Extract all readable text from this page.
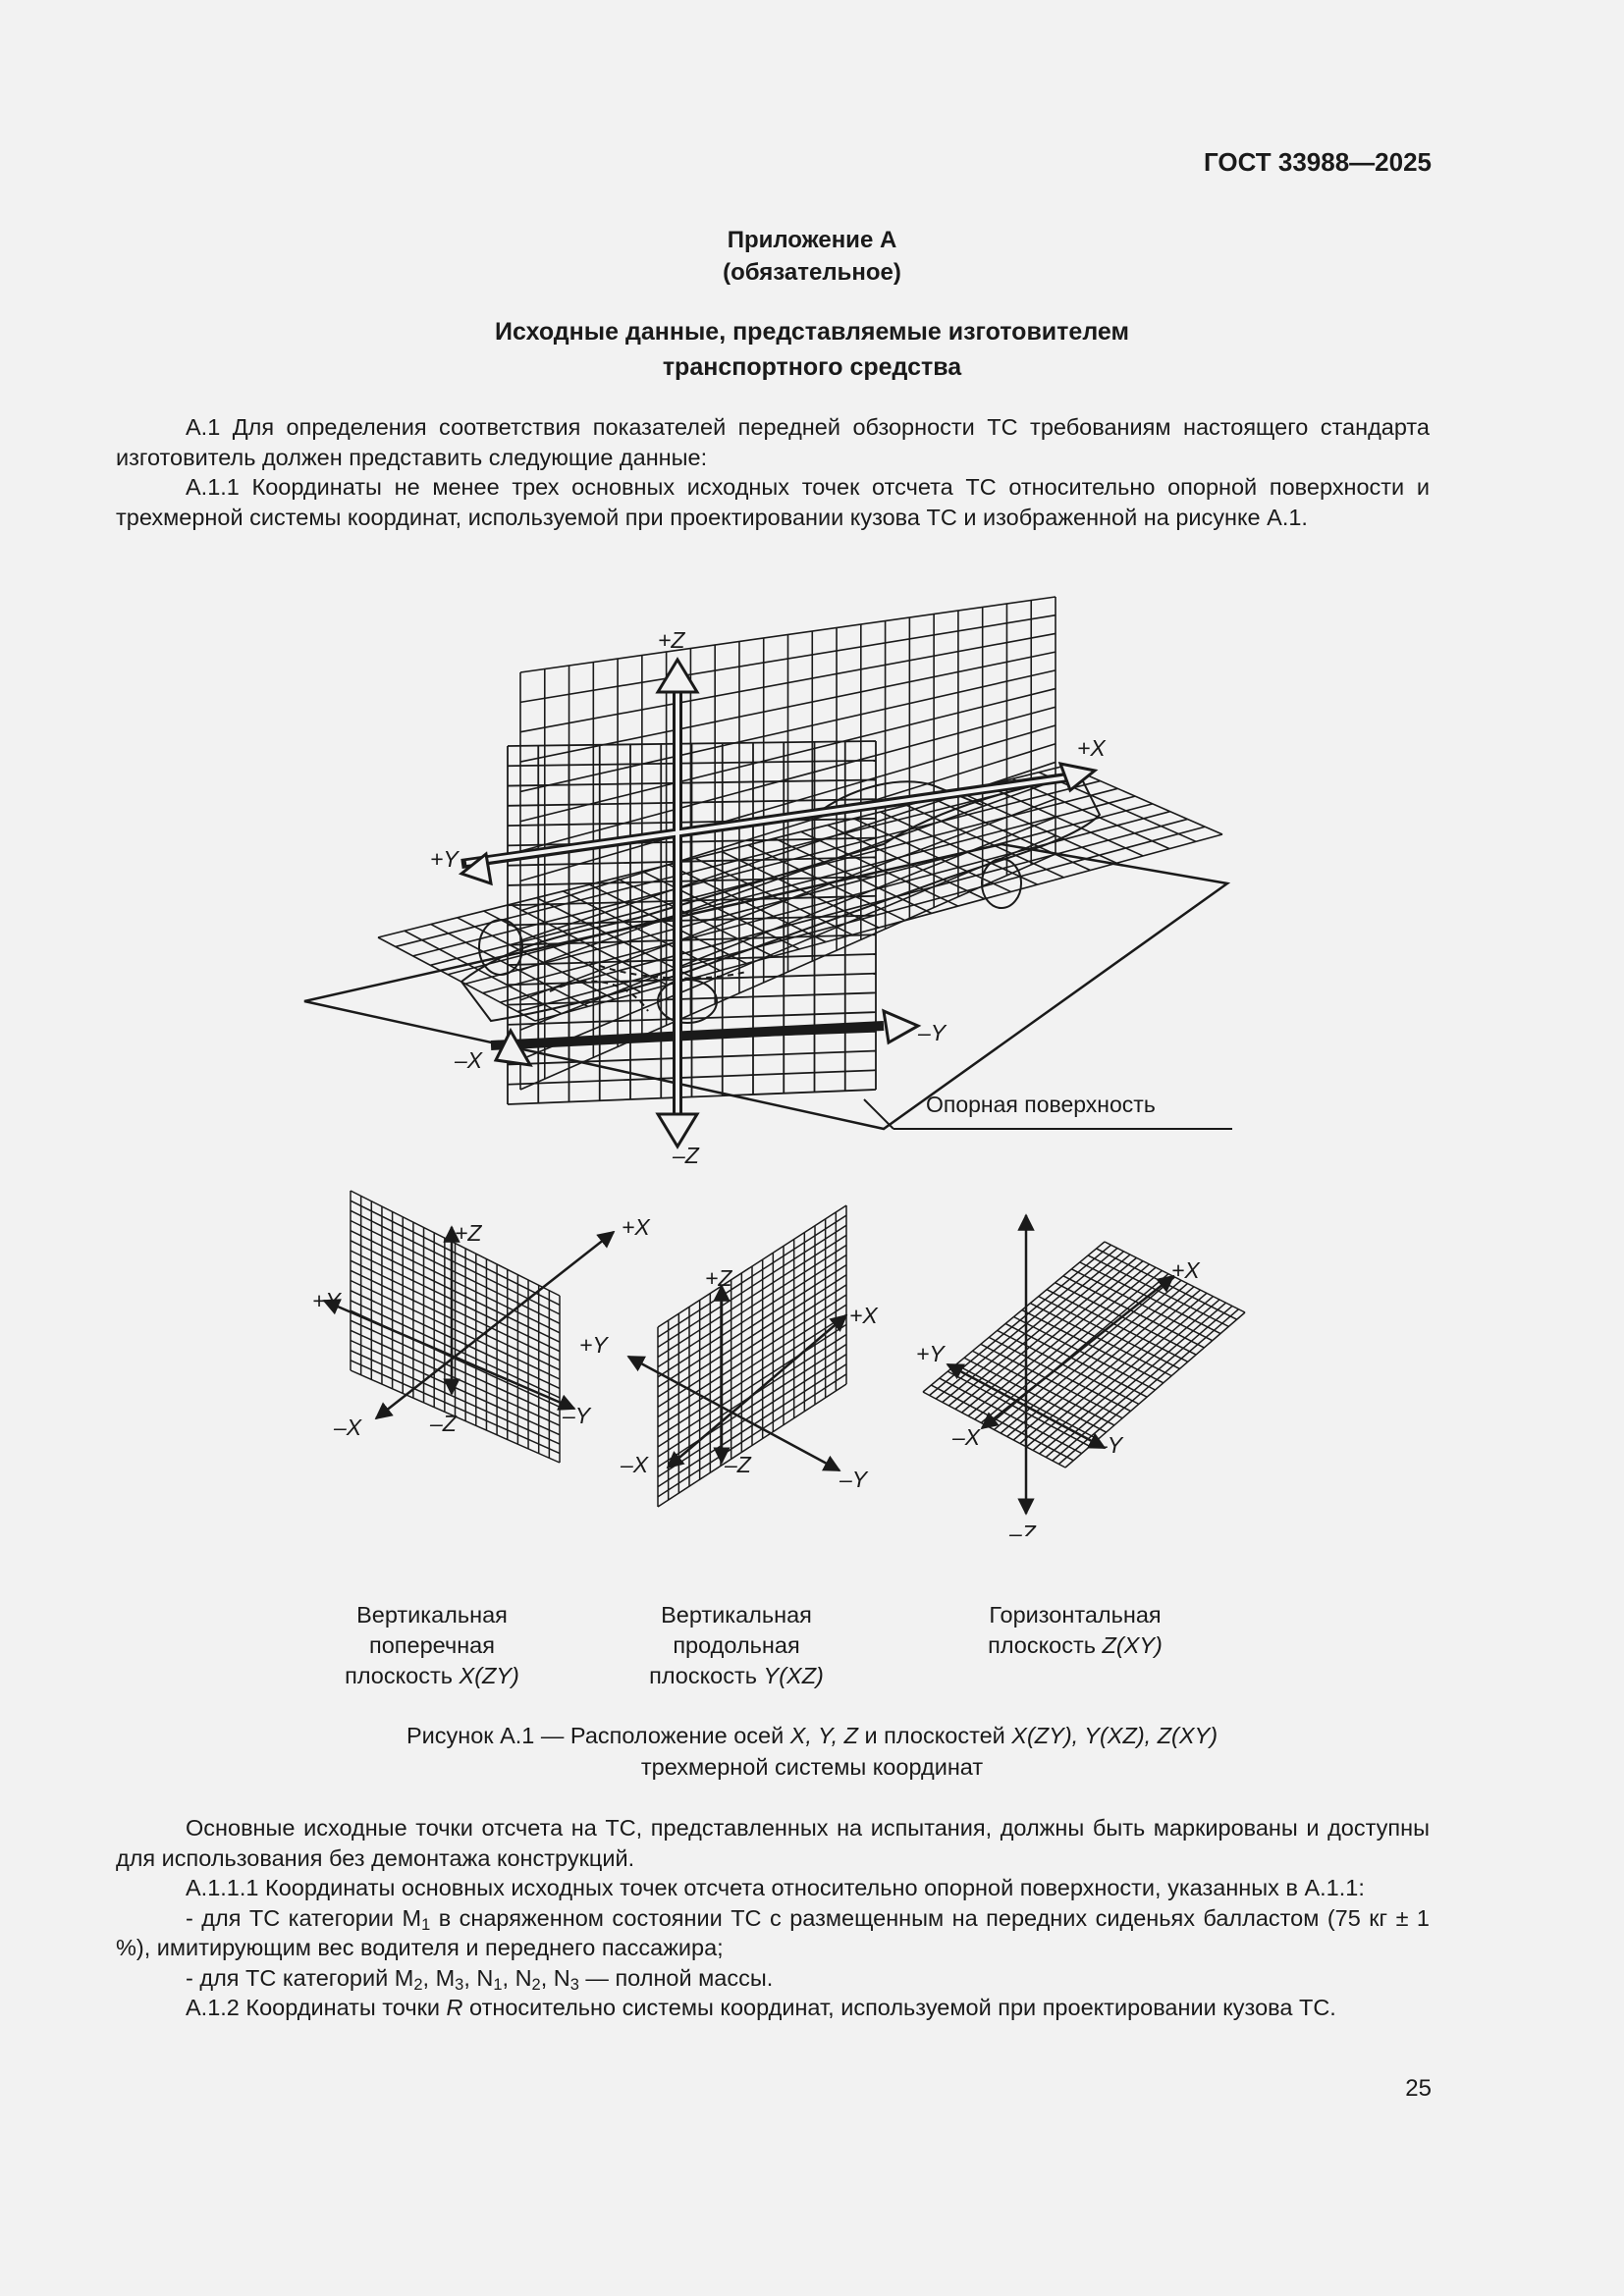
ГОСТ 33988—2025
Приложение А
(обязательное)
Исходные данные, представляемые изготовителем
транспортного средства

А.1 Для определения соответствия показателей передней обзорности ТС требованиям настоящего стандарта изготовитель должен представить следующие данные:

А.1.1 Координаты не менее трех основных исходных точек отсчета ТС относительно опорной поверхности и трехмерной системы координат, используемой при проектировании кузова ТС и изображенной на рисунке А.1.

+Z
–Z
+X
–X
+Y
–Y
Опорная поверхность
+Z
–Z
+X
–X
+Y
–Y
+Z
–Z
+X
–X
+Y
–Y
–Z
+X
–X
+Y
–Y
Вертикальная
поперечная
плоскость X(ZY)
Вертикальная
продольная
плоскость Y(XZ)
Горизонтальная
плоскость Z(XY)
Рисунок А.1 — Расположение осей X, Y, Z и плоскостей X(ZY), Y(XZ), Z(XY)
трехмерной системы координат

Основные исходные точки отсчета на ТС, представленных на испытания, должны быть маркированы и доступны для использования без демонтажа конструкций.

А.1.1.1 Координаты основных исходных точек отсчета относительно опорной поверхности, указанных в А.1.1:

- для ТС категории $M_1$ в снаряженном состоянии ТС с размещенным на передних сиденьях балластом (75 кг ± 1 %), имитирующим вес водителя и переднего пассажира;

- для ТС категорий $M_2$, $M_3$, $N_1$, $N_2$, $N_3$ — полной массы.

А.1.2 Координаты точки R относительно системы координат, используемой при проектировании кузова ТС.

25
